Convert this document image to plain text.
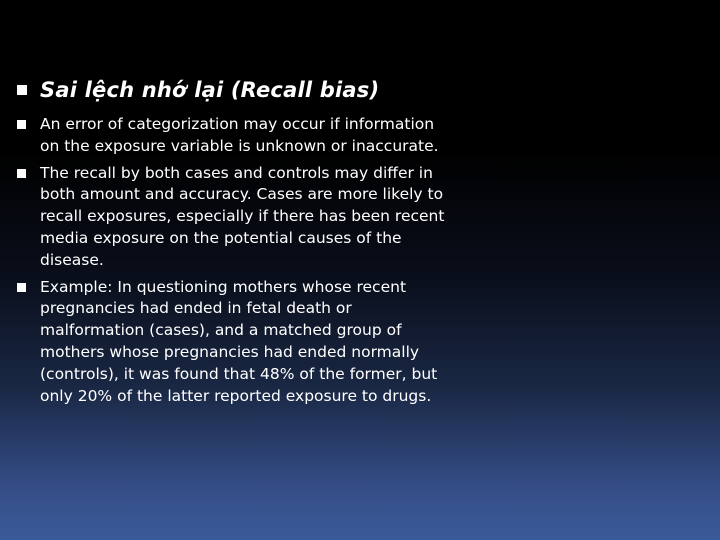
Sai lệch nhớ lại (Recall bias)
An error of categorization may occur if information on the exposure variable is unknown or inaccurate.
The recall by both cases and controls may differ in both amount and accuracy. Cases are more likely to recall exposures, especially if there has been recent media exposure on the potential causes of the disease.
Example: In questioning mothers whose recent pregnancies had ended in fetal death or malformation (cases), and a matched group of mothers whose pregnancies had ended normally (controls), it was found that 48% of the former, but only 20% of the latter reported exposure to drugs.
